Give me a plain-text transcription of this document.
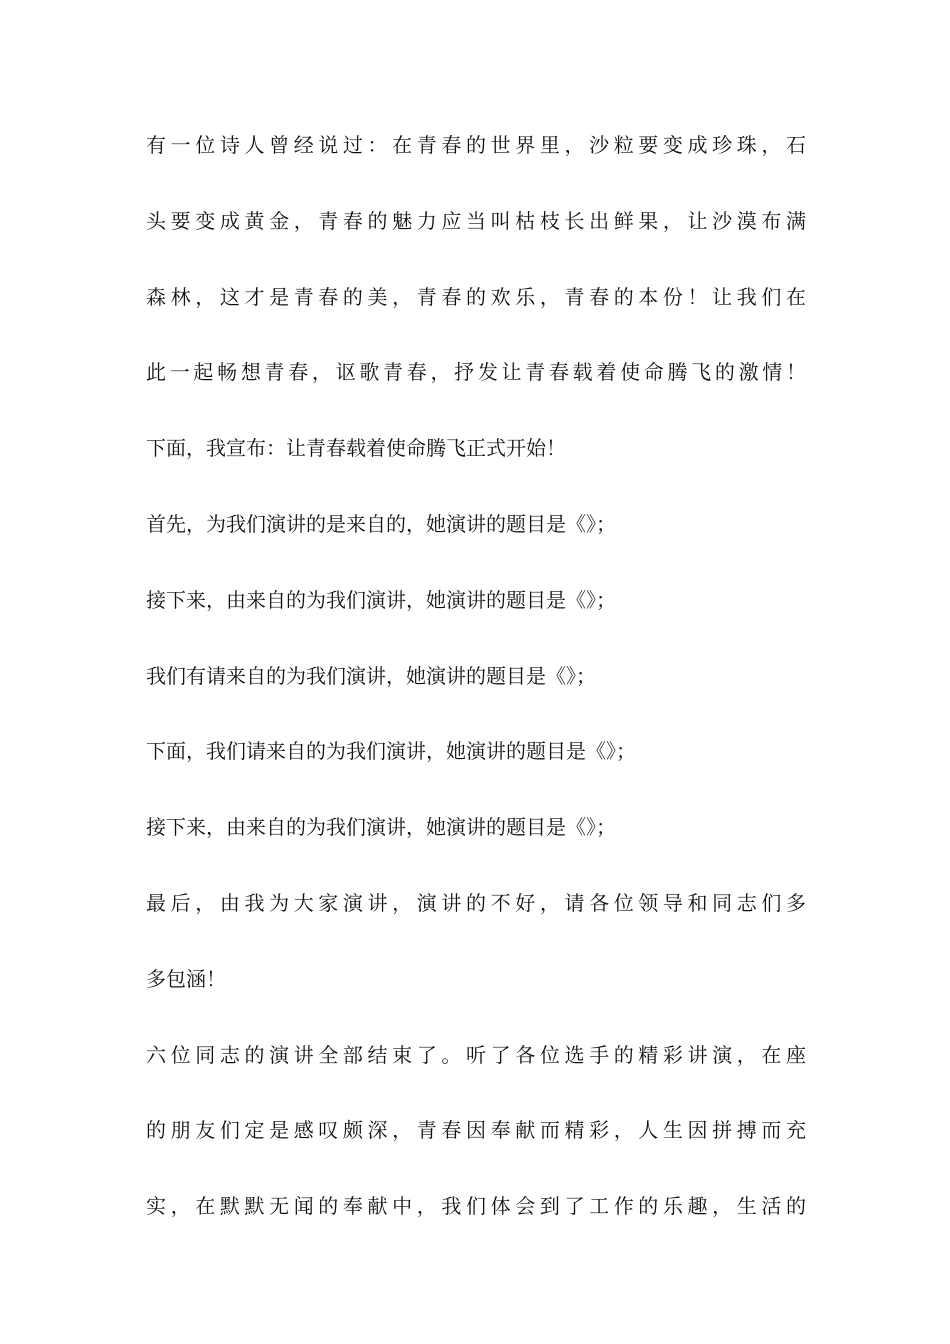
有一位诗人曾经说过：在青春的世界里，沙粒要变成珍珠，石
头要变成黄金，青春的魅力应当叫枯枝长出鲜果，让沙漠布满
森林，这才是青春的美，青春的欢乐，青春的本份！让我们在
此一起畅想青春，讴歌青春，抒发让青春载着使命腾飞的激情！
下面，我宣布：让青春载着使命腾飞正式开始！
首先，为我们演讲的是来自的，她演讲的题目是《》；
接下来，由来自的为我们演讲，她演讲的题目是《》；
我们有请来自的为我们演讲，她演讲的题目是《》；
下面，我们请来自的为我们演讲，她演讲的题目是《》；
接下来，由来自的为我们演讲，她演讲的题目是《》；
最后，由我为大家演讲，演讲的不好，请各位领导和同志们多
多包涵！
六位同志的演讲全部结束了。听了各位选手的精彩讲演，在座
的朋友们定是感叹颇深，青春因奉献而精彩，人生因拼搏而充
实，在默默无闻的奉献中，我们体会到了工作的乐趣，生活的
